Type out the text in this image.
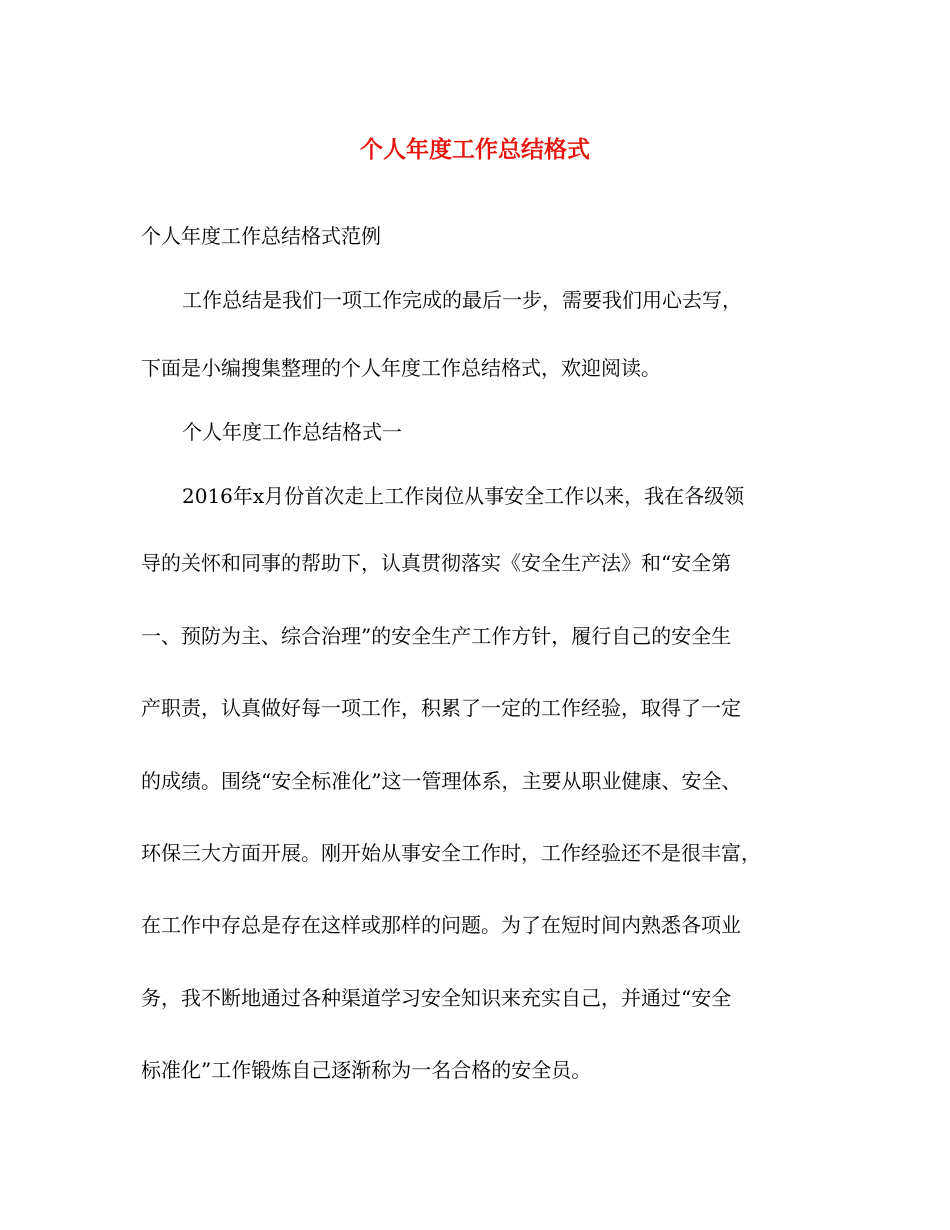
个人年度工作总结格式

个人年度工作总结格式范例

工作总结是我们一项工作完成的最后一步，需要我们用心去写，

下面是小编搜集整理的个人年度工作总结格式，欢迎阅读。

个人年度工作总结格式一

2016年x月份首次走上工作岗位从事安全工作以来，我在各级领

导的关怀和同事的帮助下，认真贯彻落实《安全生产法》和“安全第

一、预防为主、综合治理”的安全生产工作方针，履行自己的安全生

产职责，认真做好每一项工作，积累了一定的工作经验，取得了一定

的成绩。围绕“安全标准化”这一管理体系，主要从职业健康、安全、

环保三大方面开展。刚开始从事安全工作时，工作经验还不是很丰富，

在工作中存总是存在这样或那样的问题。为了在短时间内熟悉各项业

务，我不断地通过各种渠道学习安全知识来充实自己，并通过“安全

标准化”工作锻炼自己逐渐称为一名合格的安全员。
